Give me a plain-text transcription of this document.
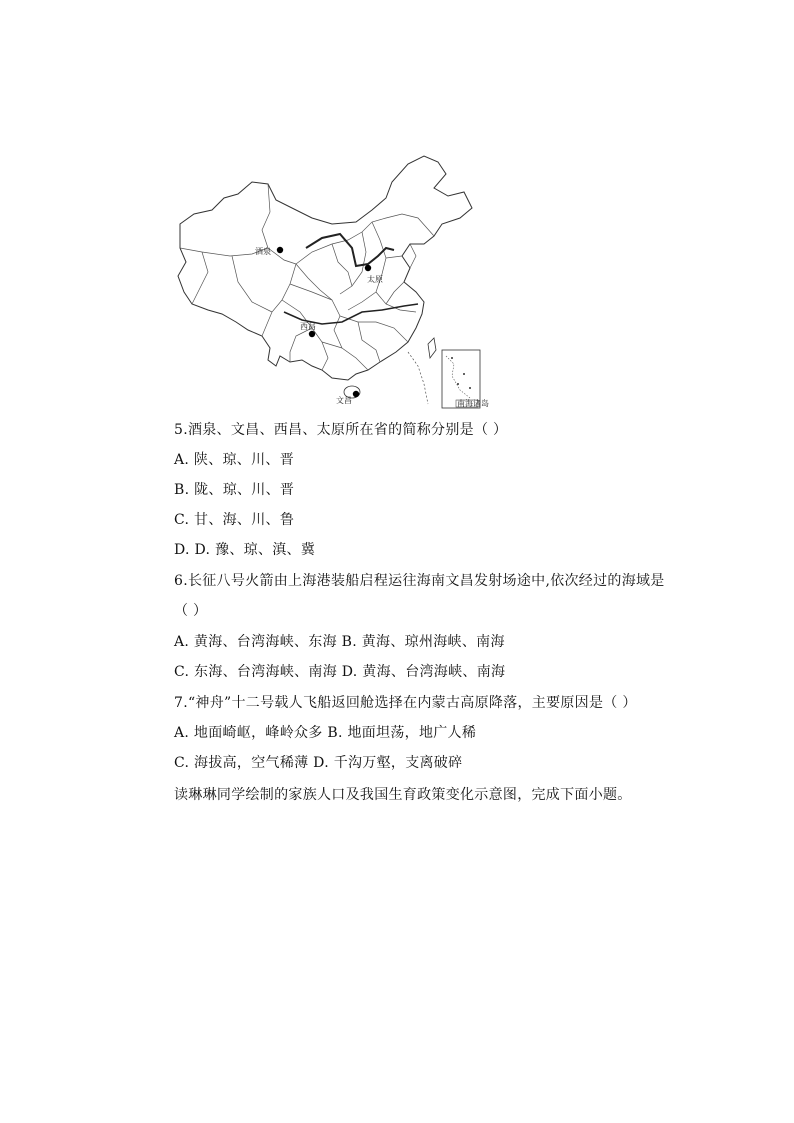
南海诸岛
酒泉
太原
西昌
文昌
5.酒泉、文昌、西昌、太原所在省的简称分别是（ ）
A. 陕、琼、川、晋
B. 陇、琼、川、晋
C. 甘、海、川、鲁
D. D. 豫、琼、滇、冀
6.长征八号火箭由上海港装船启程运往海南文昌发射场途中,依次经过的海域是
（ ）
A. 黄海、台湾海峡、东海 B. 黄海、琼州海峡、南海
C. 东海、台湾海峡、南海 D. 黄海、台湾海峡、南海
7.“神舟”十二号载人飞船返回舱选择在内蒙古高原降落，主要原因是（ ）
A. 地面崎岖，峰岭众多 B. 地面坦荡，地广人稀
C. 海拔高，空气稀薄 D. 千沟万壑，支离破碎
读琳琳同学绘制的家族人口及我国生育政策变化示意图，完成下面小题。
